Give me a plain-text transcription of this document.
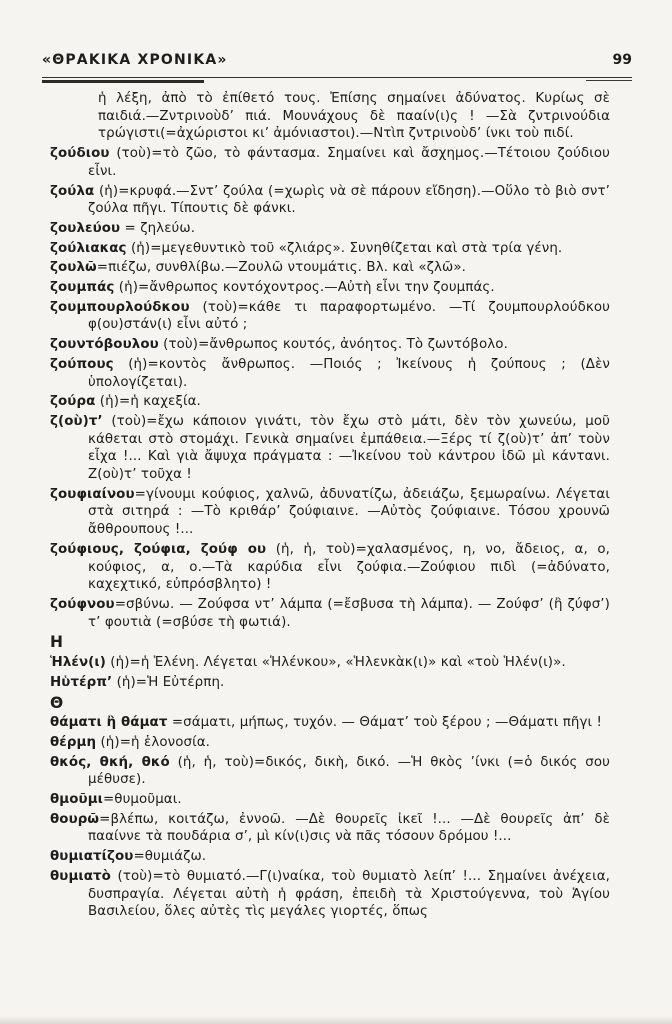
«ΘΡΑΚΙΚΑ ΧΡΟΝΙΚΑ»	99

ἡ λέξη, ἀπὸ τὸ ἐπίθετό τους. Ἐπίσης σημαίνει ἀδύνατος. Κυρίως σὲ παιδιά.—Ζντρινοὺδ’ πιά. Μουνάχους δὲ πααίν(ι)ς ! —Σὰ ζντρινούδια τρώγιστι(=ἀχώριστοι κι’ ἀμόνιαστοι).—Ντὶπ ζντρινοὺδ’ ίνκι τοὺ πιδί.

ζούδιου (τοὺ)=τὸ ζῶο, τὸ φάντασμα. Σημαίνει καὶ ἄσχημος.—Τέτοιου ζούδιου εἶνι.

ζούλα (ἡ)=κρυφά.—Σντ’ ζούλα (=χωρὶς νὰ σὲ πάρουν εἴδηση).—Οὕλο τὸ βιὸ σντ’ ζούλα πῆγι. Τίπουτις δὲ φάνκι.

ζουλεύου = ζηλεύω.

ζούλιακας (ἡ)=μεγεθυντικὸ τοῦ «ζλιάρς». Συνηθίζεται καὶ στὰ τρία γένη.

ζουλῶ=πιέζω, συνθλίβω.—Ζουλῶ ντουμάτις. Βλ. καὶ «ζλῶ».

ζουμπάς (ἡ)=ἄνθρωπος κοντόχοντρος.—Αὐτὴ εἶνι την ζουμπάς.

ζουμπουρλούδκου (τοὺ)=κάθε τι παραφορτωμένο. —Τί ζουμπουρλούδκου φ(ου)στάν(ι) εἶνι αὐτό ;

ζουντόβουλου (τοὺ)=ἄνθρωπος κουτός, ἀνόητος. Τὸ ζωντόβολο.

ζούπους (ἡ)=κοντὸς ἄνθρωπος. —Ποιός ; Ἰκείνους ἡ ζούπους ; (Δὲν ὑπολογίζεται).

ζούρα (ἡ)=ἡ καχεξία.

ζ(οὺ)τ’ (τοὺ)=ἔχω κάποιον γινάτι, τὸν ἔχω στὸ μάτι, δὲν τὸν χωνεύω, μοῦ κάθεται στὸ στομάχι. Γενικὰ σημαίνει ἐμπάθεια.—Ξέρς τί ζ(οὺ)τ’ ἀπ’ τοὺν εἶχα !... Καὶ γιὰ ἄψυχα πράγματα : —Ἰκείνου τοὺ κάντρου ἰδῶ μὶ κάντανι. Ζ(οὺ)τ’ τοῦχα !

ζουφιαίνου=γίνουμι κούφιος, χαλνῶ, ἀδυνατίζω, ἀδειάζω, ξεμωραίνω. Λέγεται στὰ σιτηρά : —Τὸ κριθάρ’ ζούφιαινε. —Αὐτὸς ζούφιαινε. Τόσου χρουνῶ ἄθθρουπους !...

ζούφιους, ζούφια, ζούφ ου (ἡ, ἡ, τοὺ)=χαλασμένος, η, νο, ἄδειος, α, ο, κούφιος, α, ο.—Τὰ καρύδια εἶνι ζούφια.—Ζούφιου πιδὶ (=ἀδύνατο, καχεχτικό, εὐπρόσβλητο) !

ζούφνου=σβύνω. — Ζούφσα ντ’ λάμπα (=ἔσβυσα τὴ λάμπα). — Ζούφσ’ (ἢ ζύφσ’) τ’ φουτιὰ (=σβύσε τὴ φωτιά).

Η

Ἡλέν(ι) (ἡ)=ἡ Ἑλένη. Λέγεται «Ἡλένκου», «Ἡλενκὰκ(ι)» καὶ «τοὺ Ἡλέν(ι)».

Ηὑτέρπ’ (ἡ)=Ἡ Εὐτέρπη.

Θ

θάματι ἢ θάματ =σάματι, μήπως, τυχόν. — Θάματ’ τοὺ ξέρου ; —Θάματι πῆγι !

θέρμη (ἡ)=ἡ ἑλονοσία.

θκός, θκή, θκό (ἡ, ἡ, τοὺ)=δικός, δικὴ, δικό. —Ἡ θκὸς ’ίνκι (=ὁ δικός σου μέθυσε).

θμοῦμι=θυμοῦμαι.

θουρῶ=βλέπω, κοιτάζω, ἐννοῶ. —Δὲ θουρεῖς ἰκεῖ !... —Δὲ θουρεῖς ἀπ’ δὲ πααίννε τὰ πουδάρια σ’, μὶ κίν(ι)σις νὰ πᾶς τόσουν δρόμου !...

θυμιατίζου=θυμιάζω.

θυμιατὸ (τοὺ)=τὸ θυμιατό.—Γ(ι)ναίκα, τοὺ θυμιατὸ λείπ’ !... Σημαίνει ἀνέχεια, δυσπραγία. Λέγεται αὐτὴ ἡ φράση, ἐπειδὴ τὰ Χριστούγεννα, τοὺ Ἁγίου Βασιλείου, ὅλες αὐτὲς τὶς μεγάλες γιορτές, ὅπως
